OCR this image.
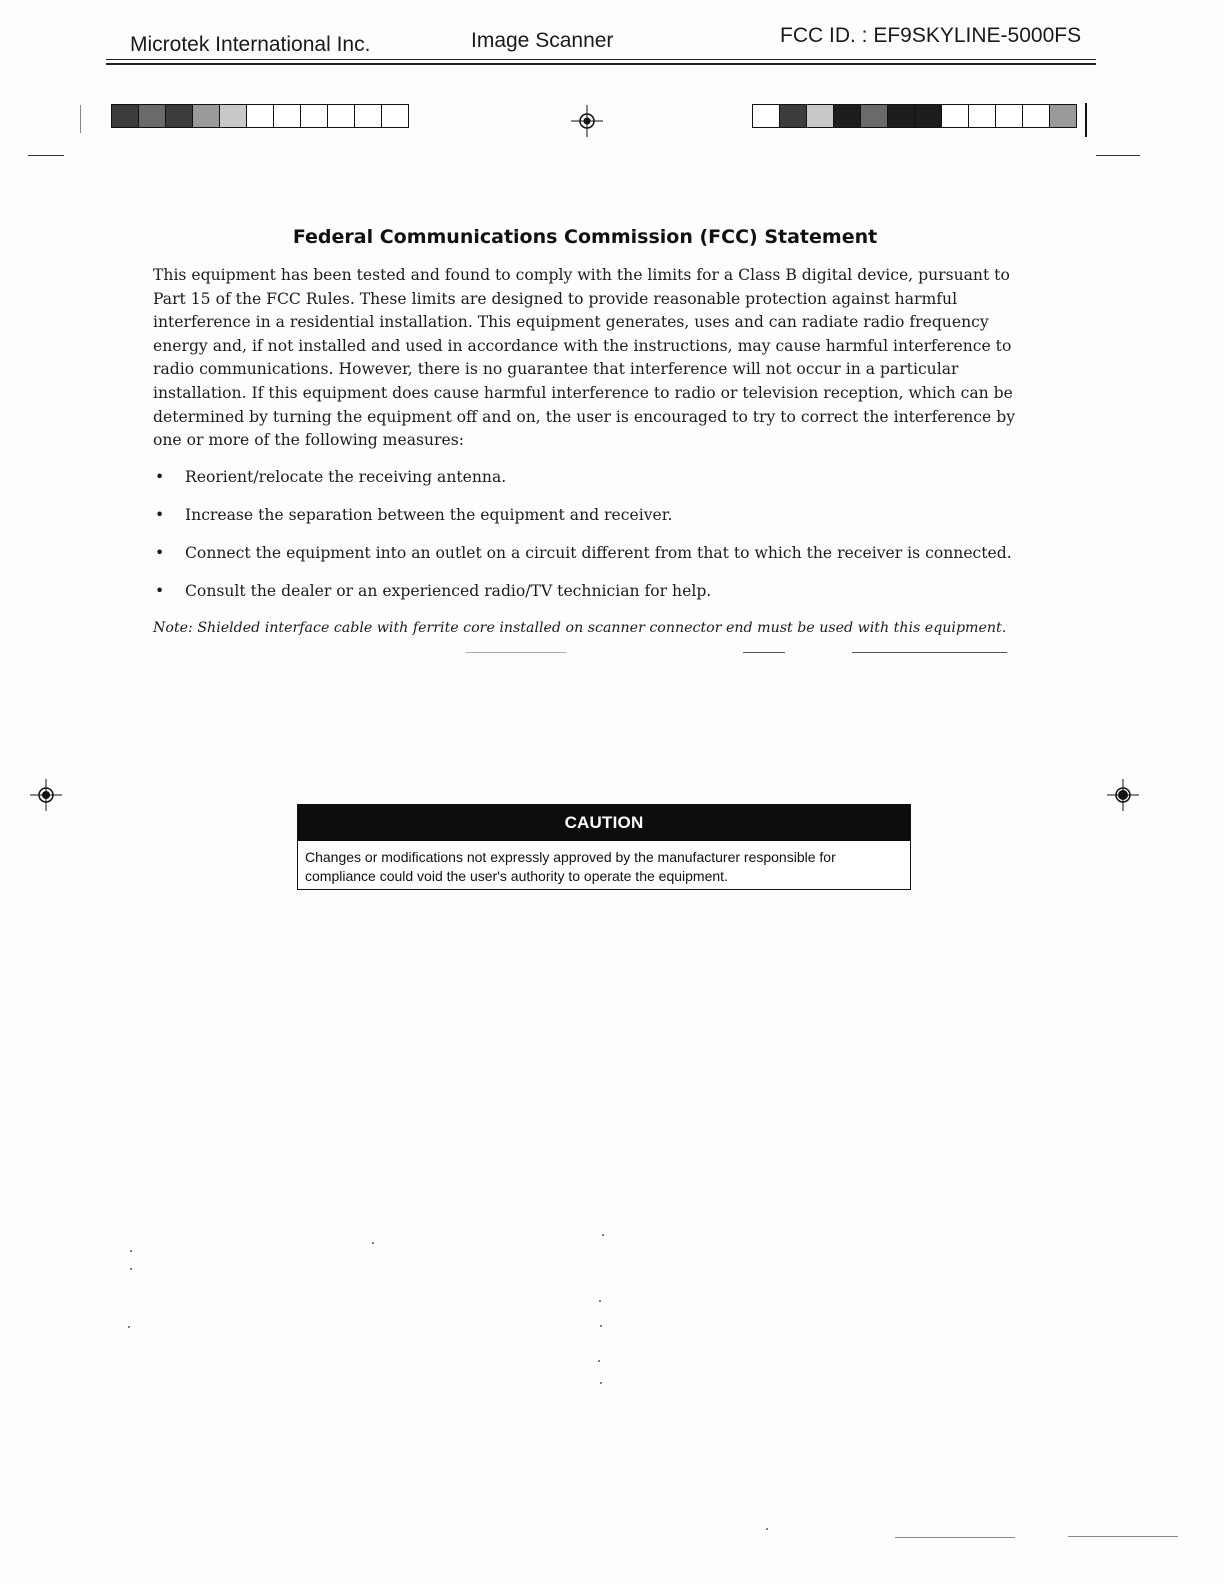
Microtek International Inc.	Image Scanner	FCC ID. : EF9SKYLINE-5000FS
Federal Communications Commission (FCC) Statement

This equipment has been tested and found to comply with the limits for a Class B digital device, pursuant to Part 15 of the FCC Rules. These limits are designed to provide reasonable protection against harmful interference in a residential installation. This equipment generates, uses and can radiate radio frequency energy and, if not installed and used in accordance with the instructions, may cause harmful interference to radio communications. However, there is no guarantee that interference will not occur in a particular installation. If this equipment does cause harmful interference to radio or television reception, which can be determined by turning the equipment off and on, the user is encouraged to try to correct the interference by one or more of the following measures:

• Reorient/relocate the receiving antenna.
• Increase the separation between the equipment and receiver.
• Connect the equipment into an outlet on a circuit different from that to which the receiver is connected.
• Consult the dealer or an experienced radio/TV technician for help.
Note: Shielded interface cable with ferrite core installed on scanner connector end must be used with this equipment.
CAUTION
Changes or modifications not expressly approved by the manufacturer responsible for compliance could void the user's authority to operate the equipment.
